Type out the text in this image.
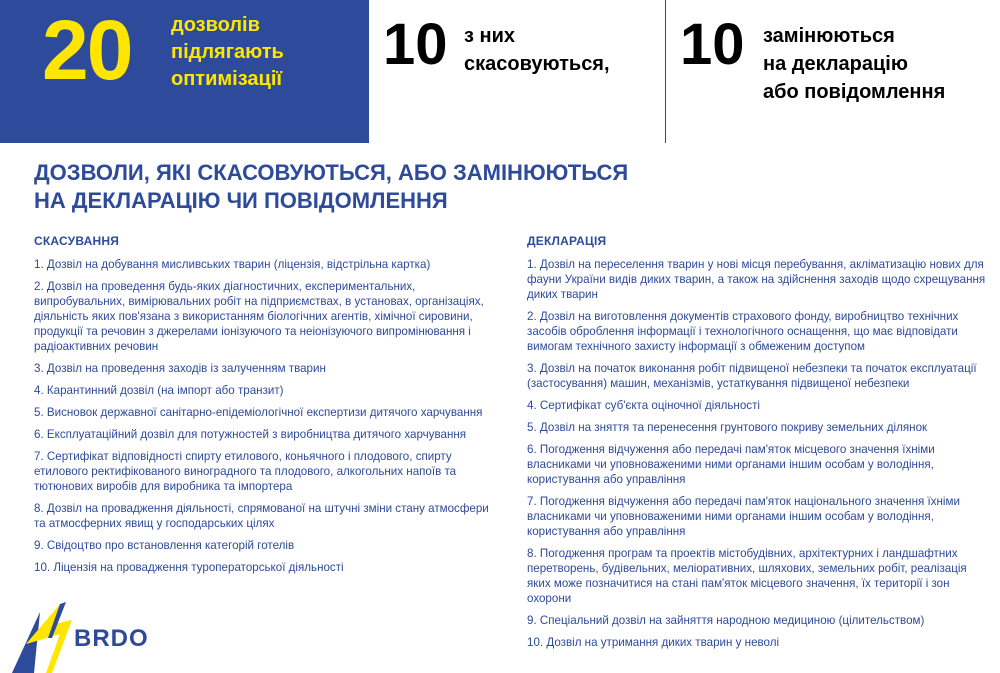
20 дозволів
підлягають
оптимізації
10 з них
скасовуються, 10 замінюються
на декларацію
або повідомлення
ДОЗВОЛИ, ЯКІ СКАСОВУЮТЬСЯ, АБО ЗАМІНЮЮТЬСЯ
НА ДЕКЛАРАЦІЮ ЧИ ПОВІДОМЛЕННЯ
СКАСУВАННЯ
1. Дозвіл на добування мисливських тварин (ліцензія, відстрільна картка)
2. Дозвіл на проведення будь-яких діагностичних, експериментальних, випробувальних, вимірювальних робіт на підприємствах, в установах, організаціях, діяльність яких пов'язана з використанням біологічних агентів, хімічної сировини, продукції та речовин з джерелами іонізуючого та неіонізуючого випромінювання і радіоактивних речовин
3. Дозвіл на проведення заходів із залученням тварин
4. Карантинний дозвіл (на імпорт або транзит)
5. Висновок державної санітарно-епідеміологічної експертизи дитячого харчування
6. Експлуатаційний дозвіл для потужностей з виробництва дитячого харчування
7. Сертифікат відповідності спирту етилового, коньячного і плодового, спирту етилового ректифікованого виноградного та плодового, алкогольних напоїв та тютюнових виробів для виробника та імпортера
8. Дозвіл на провадження діяльності, спрямованої на штучні зміни стану атмосфери та атмосферних явищ у господарських цілях
9. Свідоцтво про встановлення категорій готелів
10. Ліцензія на провадження туроператорської діяльності
ДЕКЛАРАЦІЯ
1. Дозвіл на переселення тварин у нові місця перебування, акліматизацію нових для фауни України видів диких тварин, а також на здійснення заходів щодо схрещування диких тварин
2. Дозвіл на виготовлення документів страхового фонду, виробництво технічних засобів оброблення інформації і технологічного оснащення, що має відповідати вимогам технічного захисту інформації з обмеженим доступом
3. Дозвіл на початок виконання робіт підвищеної небезпеки та початок експлуатації (застосування) машин, механізмів, устаткування підвищеної небезпеки
4. Сертифікат суб'єкта оціночної діяльності
5. Дозвіл на зняття та перенесення грунтового покриву земельних ділянок
6. Погодження відчуження або передачі пам'яток місцевого значення їхніми власниками чи уповноваженими ними органами іншим особам у володіння, користування або управління
7. Погодження відчуження або передачі пам'яток національного значення їхніми власниками чи уповноваженими ними органами іншим особам у володіння, користування або управління
8. Погодження програм та проектів містобудівних, архітектурних і ландшафтних перетворень, будівельних, меліоративних, шляхових, земельних робіт, реалізація яких може позначитися на стані пам'яток місцевого значення, їх території і зон охорони
9. Спеціальний дозвіл на зайняття народною медициною (цілительством)
10. Дозвіл на утримання диких тварин у неволі
BRDO
